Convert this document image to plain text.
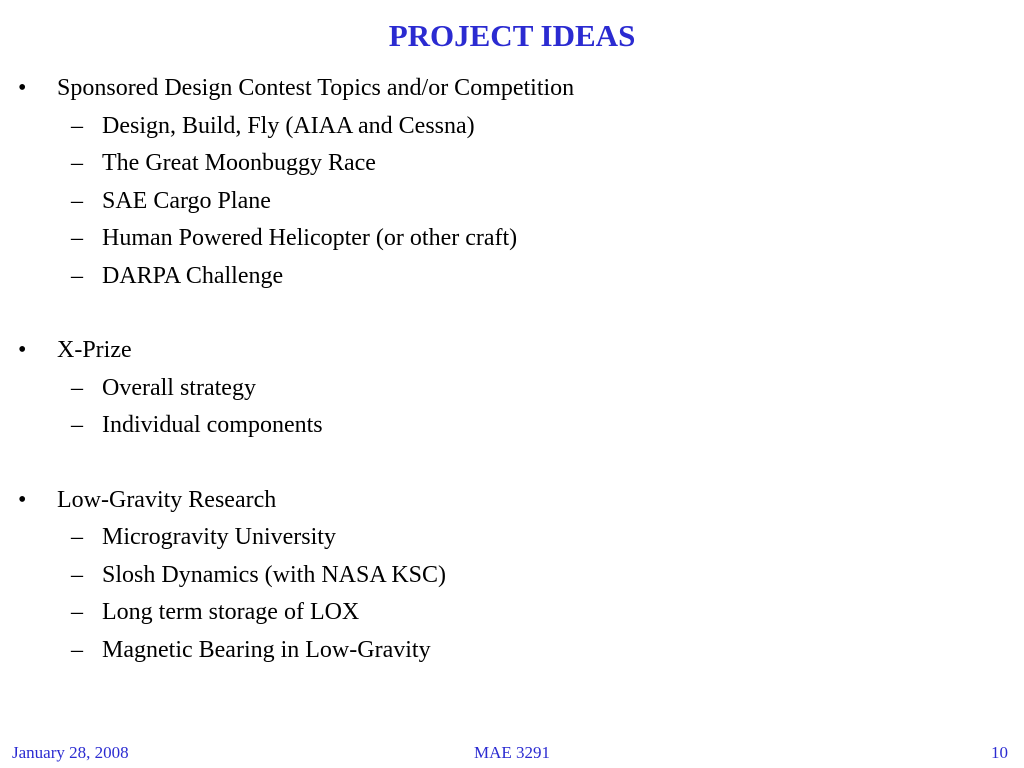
PROJECT IDEAS
• Sponsored Design Contest Topics and/or Competition
– Design, Build, Fly (AIAA and Cessna)
– The Great Moonbuggy Race
– SAE Cargo Plane
– Human Powered Helicopter (or other craft)
– DARPA Challenge
• X-Prize
– Overall strategy
– Individual components
• Low-Gravity Research
– Microgravity University
– Slosh Dynamics (with NASA KSC)
– Long term storage of LOX
– Magnetic Bearing in Low-Gravity
January 28, 2008	MAE 3291	10
